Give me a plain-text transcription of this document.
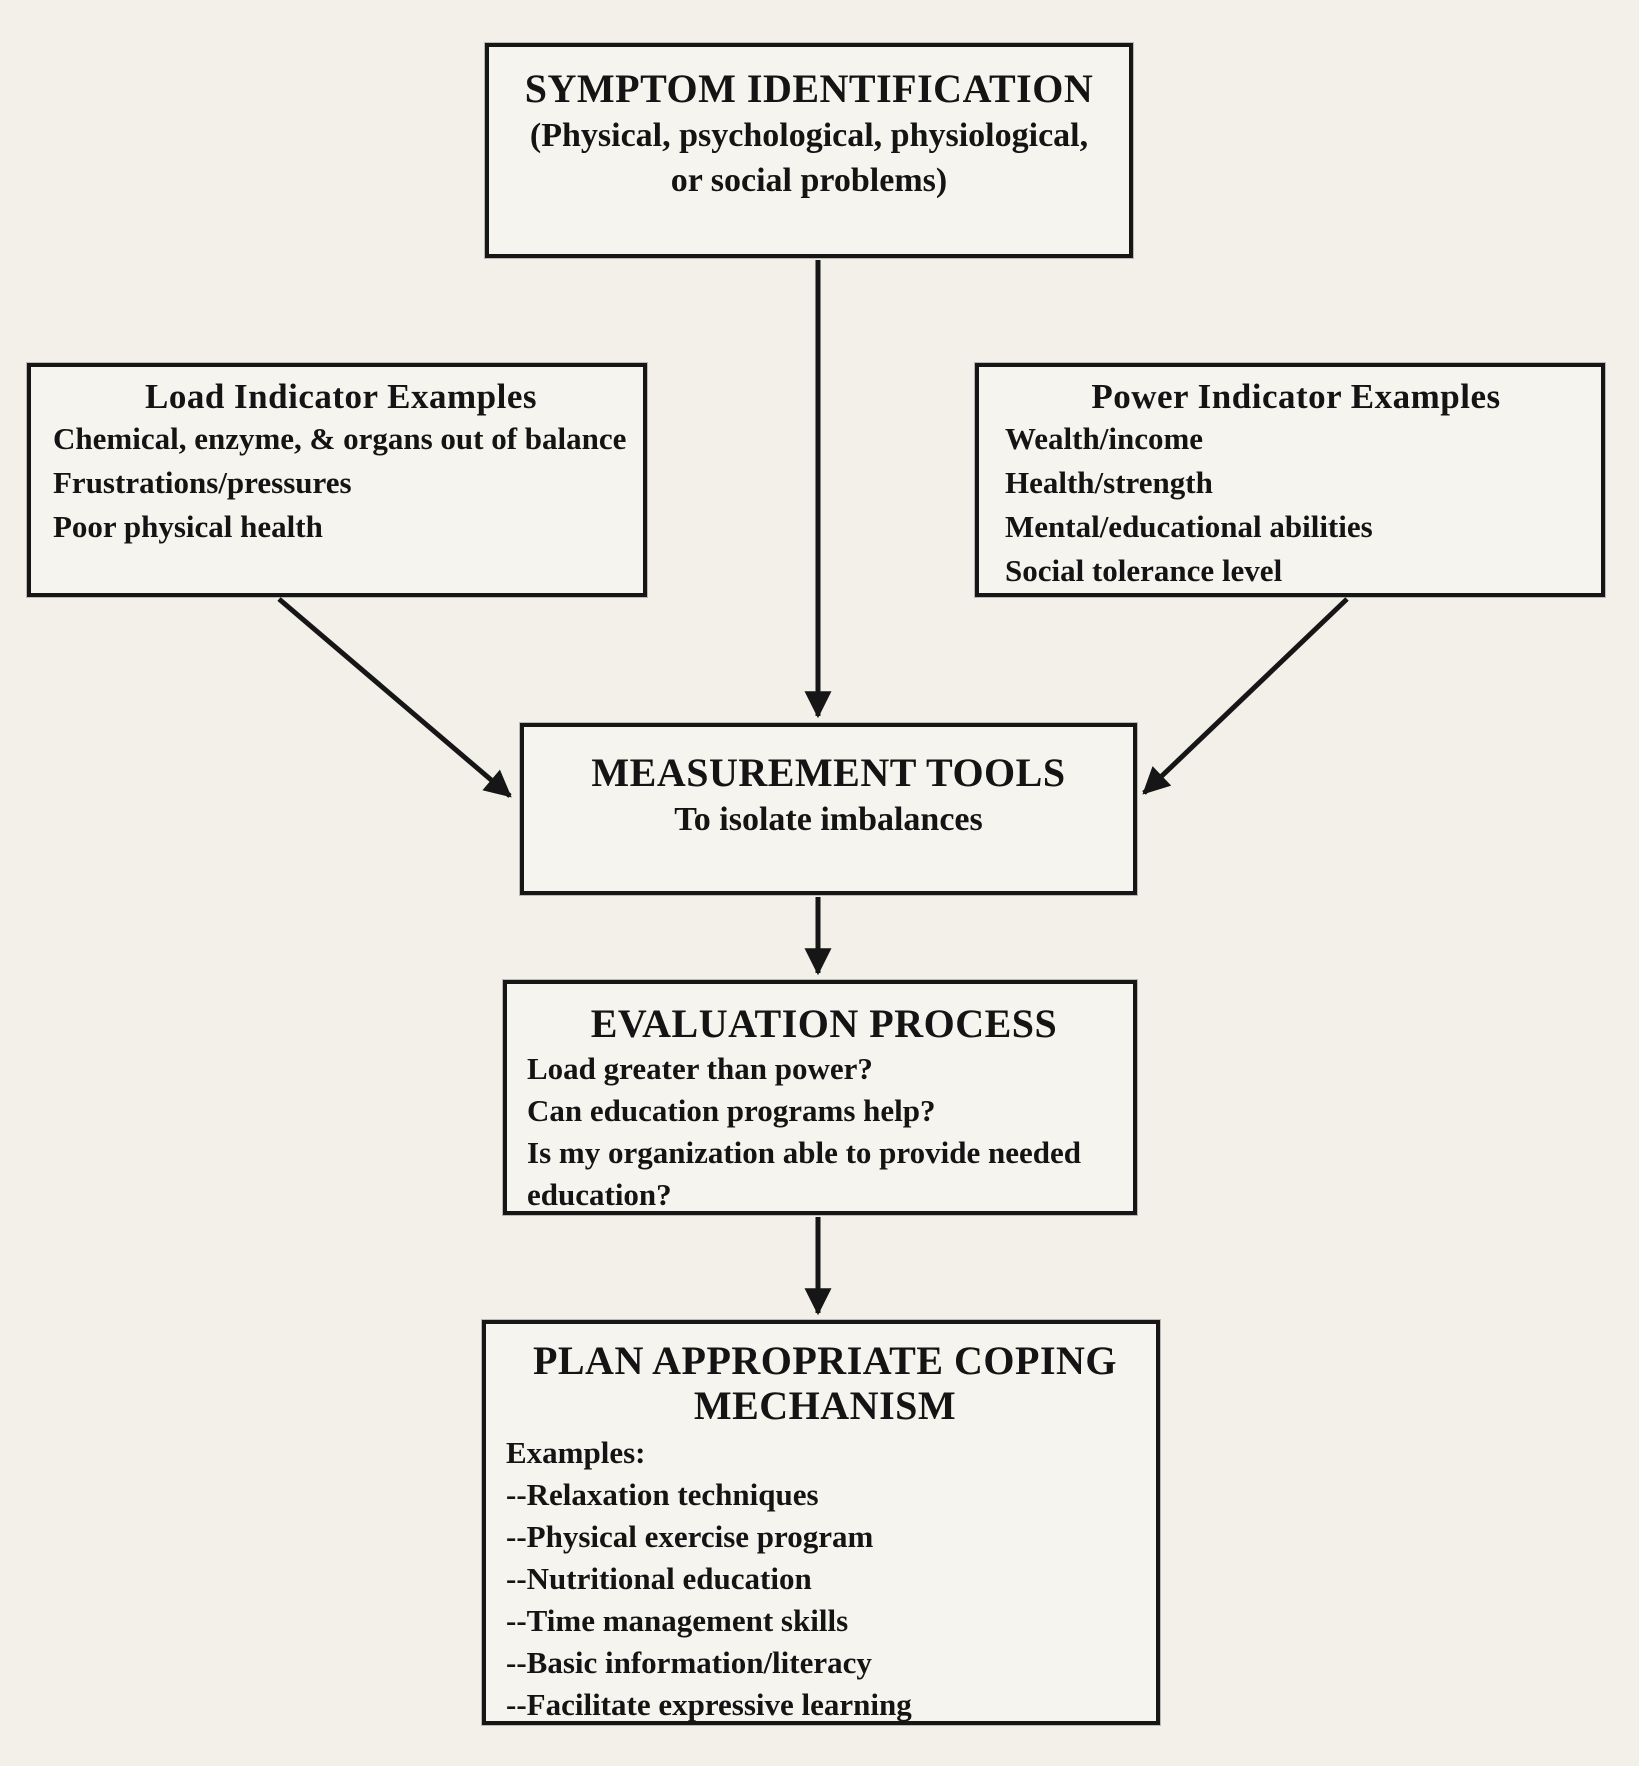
SYMPTOM IDENTIFICATION
(Physical, psychological, physiological,
or social problems)
Load Indicator Examples
Chemical, enzyme, & organs out of balance
Frustrations/pressures
Poor physical health
Power Indicator Examples
Wealth/income
Health/strength
Mental/educational abilities
Social tolerance level
MEASUREMENT TOOLS
To isolate imbalances
EVALUATION PROCESS
Load greater than power?
Can education programs help?
Is my organization able to provide needed education?
PLAN APPROPRIATE COPING
MECHANISM
Examples:
--Relaxation techniques
--Physical exercise program
--Nutritional education
--Time management skills
--Basic information/literacy
--Facilitate expressive learning
